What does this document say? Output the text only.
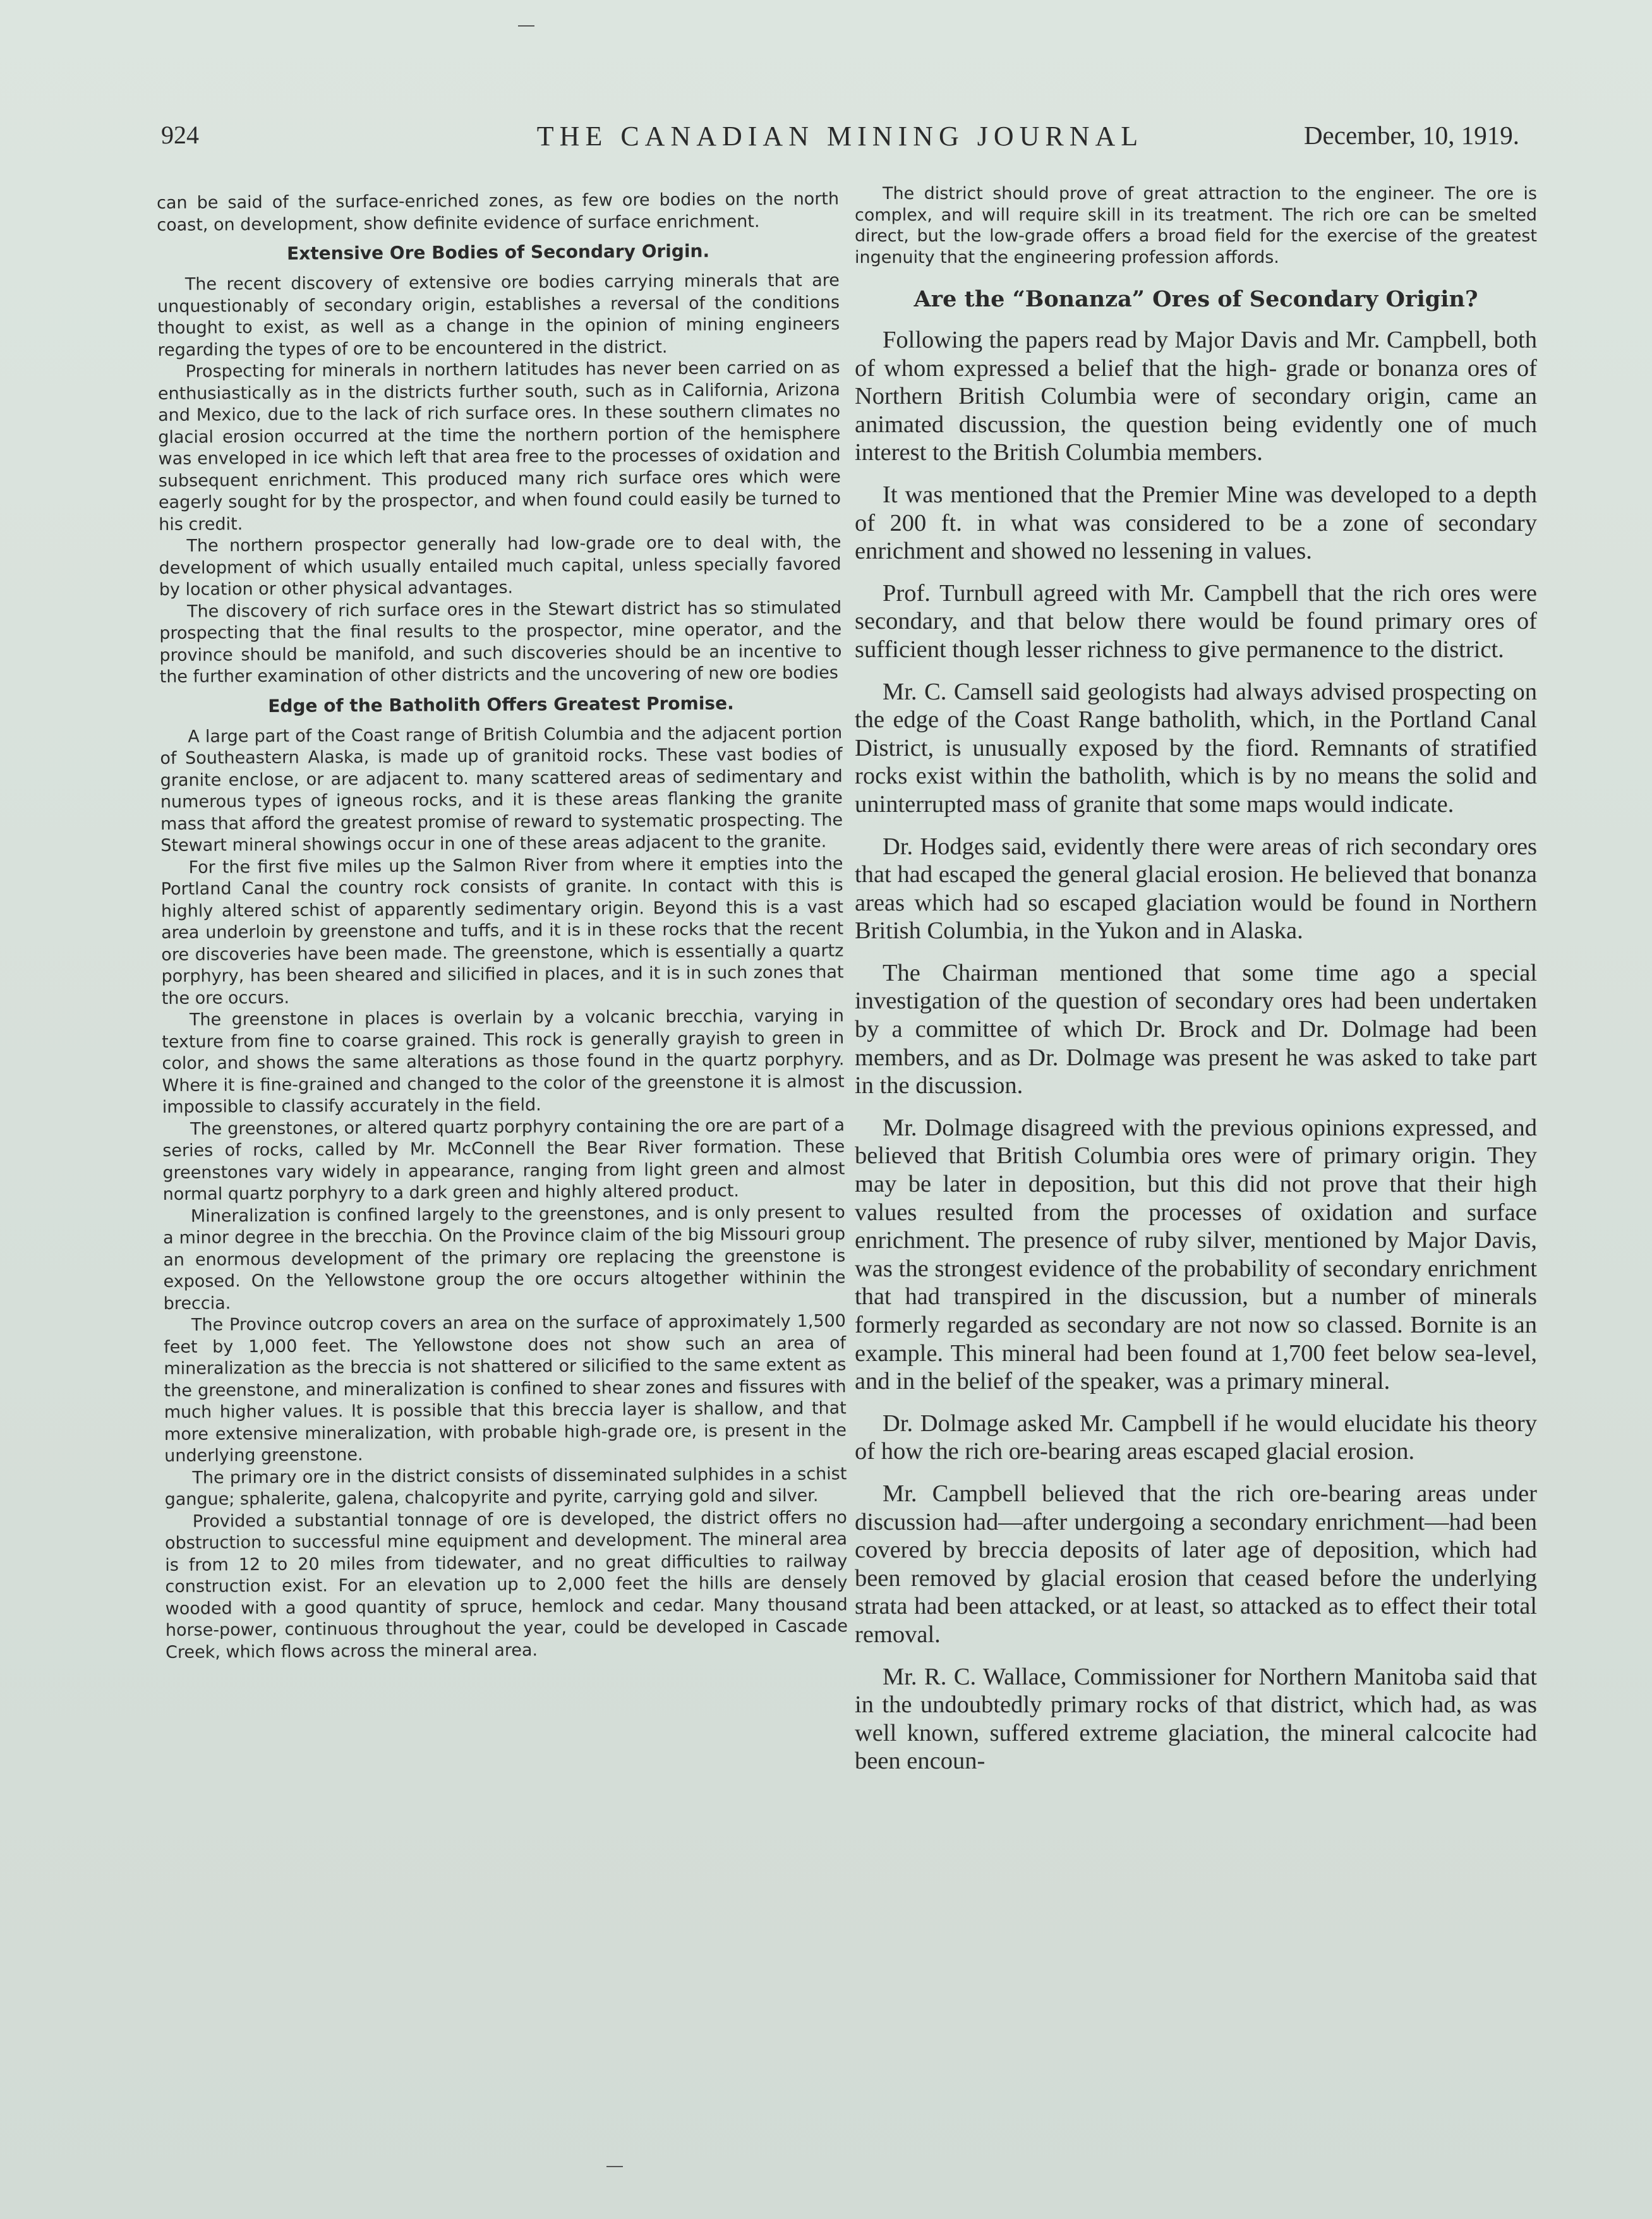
924	THE CANADIAN MINING JOURNAL	December, 10, 1919.

can be said of the surface-enriched zones, as few ore bodies on the north coast, on development, show definite evidence of surface enrichment.

Extensive Ore Bodies of Secondary Origin.

The recent discovery of extensive ore bodies carrying minerals that are unquestionably of secondary origin, establishes a reversal of the conditions thought to exist, as well as a change in the opinion of mining engineers regarding the types of ore to be encountered in the district.

Prospecting for minerals in northern latitudes has never been carried on as enthusiastically as in the districts further south, such as in California, Arizona and Mexico, due to the lack of rich surface ores. In these southern climates no glacial erosion occurred at the time the northern portion of the hemisphere was enveloped in ice which left that area free to the processes of oxidation and subsequent enrichment. This produced many rich surface ores which were eagerly sought for by the prospector, and when found could easily be turned to his credit.

The northern prospector generally had low-grade ore to deal with, the development of which usually entailed much capital, unless specially favored by location or other physical advantages.

The discovery of rich surface ores in the Stewart district has so stimulated prospecting that the final results to the prospector, mine operator, and the province should be manifold, and such discoveries should be an incentive to the further examination of other districts and the uncovering of new ore bodies

Edge of the Batholith Offers Greatest Promise.

A large part of the Coast range of British Columbia and the adjacent portion of Southeastern Alaska, is made up of granitoid rocks. These vast bodies of granite enclose, or are adjacent to. many scattered areas of sedimentary and numerous types of igneous rocks, and it is these areas flanking the granite mass that afford the greatest promise of reward to systematic prospecting. The Stewart mineral showings occur in one of these areas adjacent to the granite.

For the first five miles up the Salmon River from where it empties into the Portland Canal the country rock consists of granite. In contact with this is highly altered schist of apparently sedimentary origin. Beyond this is a vast area underloin by greenstone and tuffs, and it is in these rocks that the recent ore discoveries have been made. The greenstone, which is essentially a quartz porphyry, has been sheared and silicified in places, and it is in such zones that the ore occurs.

The greenstone in places is overlain by a volcanic brecchia, varying in texture from fine to coarse grained. This rock is generally grayish to green in color, and shows the same alterations as those found in the quartz porphyry. Where it is fine-grained and changed to the color of the greenstone it is almost impossible to classify accurately in the field.

The greenstones, or altered quartz porphyry containing the ore are part of a series of rocks, called by Mr. McConnell the Bear River formation. These greenstones vary widely in appearance, ranging from light green and almost normal quartz porphyry to a dark green and highly altered product.

Mineralization is confined largely to the greenstones, and is only present to a minor degree in the brecchia. On the Province claim of the big Missouri group an enormous development of the primary ore replacing the greenstone is exposed. On the Yellowstone group the ore occurs altogether withinin the breccia.

The Province outcrop covers an area on the surface of approximately 1,500 feet by 1,000 feet. The Yellowstone does not show such an area of mineralization as the breccia is not shattered or silicified to the same extent as the greenstone, and mineralization is confined to shear zones and fissures with much higher values. It is possible that this breccia layer is shallow, and that more extensive mineralization, with probable high-grade ore, is present in the underlying greenstone.

The primary ore in the district consists of disseminated sulphides in a schist gangue; sphalerite, galena, chalcopyrite and pyrite, carrying gold and silver.

Provided a substantial tonnage of ore is developed, the district offers no obstruction to successful mine equipment and development. The mineral area is from 12 to 20 miles from tidewater, and no great difficulties to railway construction exist. For an elevation up to 2,000 feet the hills are densely wooded with a good quantity of spruce, hemlock and cedar. Many thousand horse-power, continuous throughout the year, could be developed in Cascade Creek, which flows across the mineral area.

The district should prove of great attraction to the engineer. The ore is complex, and will require skill in its treatment. The rich ore can be smelted direct, but the low-grade offers a broad field for the exercise of the greatest ingenuity that the engineering profession affords.

Are the “Bonanza” Ores of Secondary Origin?

Following the papers read by Major Davis and Mr. Campbell, both of whom expressed a belief that the high- grade or bonanza ores of Northern British Columbia were of secondary origin, came an animated discussion, the question being evidently one of much interest to the British Columbia members.

It was mentioned that the Premier Mine was developed to a depth of 200 ft. in what was considered to be a zone of secondary enrichment and showed no lessening in values.

Prof. Turnbull agreed with Mr. Campbell that the rich ores were secondary, and that below there would be found primary ores of sufficient though lesser richness to give permanence to the district.

Mr. C. Camsell said geologists had always advised prospecting on the edge of the Coast Range batholith, which, in the Portland Canal District, is unusually exposed by the fiord. Remnants of stratified rocks exist within the batholith, which is by no means the solid and uninterrupted mass of granite that some maps would indicate.

Dr. Hodges said, evidently there were areas of rich secondary ores that had escaped the general glacial erosion. He believed that bonanza areas which had so escaped glaciation would be found in Northern British Columbia, in the Yukon and in Alaska.

The Chairman mentioned that some time ago a special investigation of the question of secondary ores had been undertaken by a committee of which Dr. Brock and Dr. Dolmage had been members, and as Dr. Dolmage was present he was asked to take part in the discussion.

Mr. Dolmage disagreed with the previous opinions expressed, and believed that British Columbia ores were of primary origin. They may be later in deposition, but this did not prove that their high values resulted from the processes of oxidation and surface enrichment. The presence of ruby silver, mentioned by Major Davis, was the strongest evidence of the probability of secondary enrichment that had transpired in the discussion, but a number of minerals formerly regarded as secondary are not now so classed. Bornite is an example. This mineral had been found at 1,700 feet below sea-level, and in the belief of the speaker, was a primary mineral.

Dr. Dolmage asked Mr. Campbell if he would elucidate his theory of how the rich ore-bearing areas escaped glacial erosion.

Mr. Campbell believed that the rich ore-bearing areas under discussion had—after undergoing a secondary enrichment—had been covered by breccia deposits of later age of deposition, which had been removed by glacial erosion that ceased before the underlying strata had been attacked, or at least, so attacked as to effect their total removal.

Mr. R. C. Wallace, Commissioner for Northern Manitoba said that in the undoubtedly primary rocks of that district, which had, as was well known, suffered extreme glaciation, the mineral calcocite had been encoun-
